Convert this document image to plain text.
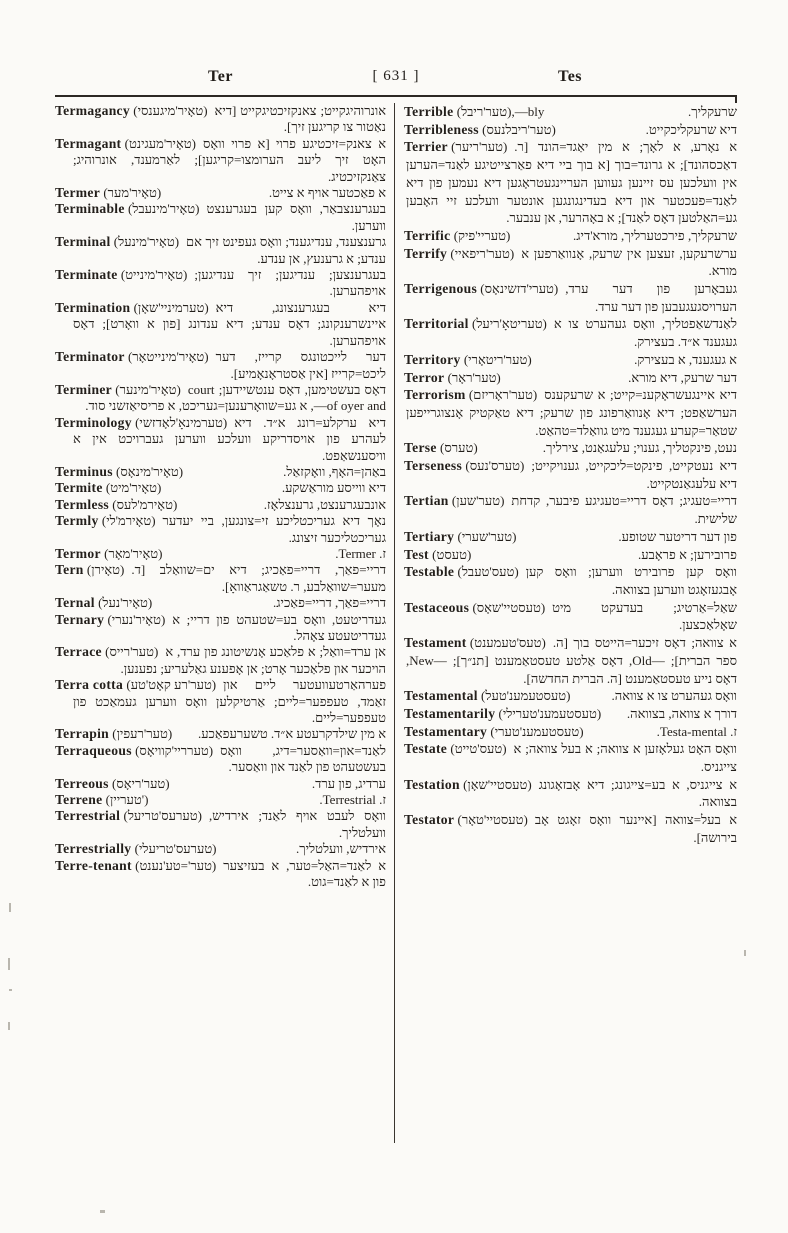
Ter	[ 631 ]	Tes

Termagancy (טאָיר'מיגענסי) אונרוהיגקייט; צאנקזיכטיגקייט [דיא נאַטור צו קריגען זיך].

Termagant (טאָיר'מעגינט) א צאנק=זיכטיגע פרוי [א פרוי וואָס האָט זיך ליעב הערומצו=קריגען]; לאַרמענד, אונרוהיג; צאַנקזיכטיג.

Termer (טאָיר'מער)	א פאַכטער אויף א צייט.

Terminable (טאָיר'מינעבל) בעגרענצבאַר, וואָס קען בעגרענצט ווערען.

Terminal (טאָיר'מינעל) גרענצענד, ענדיגענד; וואָס געפינט זיך אם ענדע; א גרענעץ, אן ענדע.

Terminate (טאָיר'מינייט) בעגרענצען; ענדיגען; זיך ענדיגען; אויפהערען.

Termination (טערמיניי'שאָן) דיא בעגרענצונג, דיא איינשרענקונג; דאָס ענדע; דיא ענדונג [פון א וואָרט]; דאָס אויפהערען.

Terminator (טאָיר'מינייטאָר) דער לייכטונגס קרייז, דער ליכט=קרייז [אין אַסטראָנאָמיע].

Terminer (טאָיר'מינער) דאָס בעשטימען, דאָס ענטשיידען; court of oyer and—, א גע=שוואָרענען=געריכט, א פריסיאַזשני סוד.

Terminology (טערמינאָ'לאָדזשי) דיא ערקלע=רונג א״ד. דיא לעהרע פון אויסדריקע וועלכע ווערען געברויכט אין א וויסענשאַפט.

Terminus (טאָיר'מינאָס)	באַהן=האָף, וואָקזאַל.

Termite (טאָיר'מיט)	דיא ווייסע מוראַשקע.

Termless (טאָירמ'לעס)	אונבעגרענצט, גרענצלאָז.

Termly (טאָירמ'לי) נאָך דיא געריכטליכע זי=צונגען, ביי יעדער געריכטליכער זיצונג.

Termor (טאָיר'מאָר)	ז. Termer.

Tern (טאָירן) דריי=פאַך, דריי=פאַכיג; דיא ים=שוואַלב [ד. מעער=שוואַלבע, ר. טשאַגראַוואָ].

Ternal (טאָיר'נעל)	דריי=פאַך, דריי=פאַכיג.

Ternary (טאָיר'נערי) געדריטעט, וואָס בע=שטעהט פון דריי; א געדריטעטע צאָהל.

Terrace (טער'רייס) אן ערד=וואַל; א פלאַכע אָנשיטונג פון ערד, א הויכער און פלאַכער אָרט; אן אָפענע גאַלעריע; נפענען.

Terra cotta (טער'רע קאָט'טע) פערהאַרטעוועטער ליים און זאַמד, טעפפער=ליים; אַרטיקלען וואָס ווערען געמאַכט פון טעפפער=ליים.

Terrapin (טער'רעפין) א מין שילדקרעטע א״ד. טשערעפאַכע.

Terraqueous (טערריי'קוויאָס) לאַנד=און=וואַסער=דיג, וואָס בעשטעהט פון לאַנד און וואַסער.

Terreous (טער'ריאָס)	ערדיג, פון ערד.

Terrene (טעריין')	ז. Terrestrial.

Terrestrial (טערעס'טריעל) וואָס לעבט אויף לאַנד; אירדיש, וועלטליך.

Terrestrially (טערעס'טריעלי)	אירדיש, וועלטליך.

Terre-tenant (טער'=טע'נענט) א לאַנד=האַל=טער, א בעזיצער פון א לאַנד=גוט.

Terrible (טער'ריבל),—bly	שרעקליך.

Terribleness (טער'ריבלנעס)	דיא שרעקליכקייט.

Terrier (טער'ריער) א נאָרע, א לאָך; א מין יאַגד=הונד [ר. דאַכסהונד]; א גרונד=בוך [א בוך ביי דיא פאַרצייטיגע לאַנד=הערען אין וועלכען עס זיינען געווען העריינגעטראָגען דיא נעמען פון דיא לאַנד=פעכטער און דיא בעדינגונגען אונטער וועלכע זיי האָבען גע=האַלטען דאָס לאַנד]; א באָהרער, אן ענבער.

Terrific (טעריי'פיק)	שרעקליך, פירכטערליך, מורא'דיג.

Terrify (טער'ריפאיי) ערשרעקען, זעצען אין שרעק, אָנוואַרפען א מורא.

Terrigenous (טערי'דזשינאָס) געבאָרען פון דער ערד, הערויסגעגעבען פון דער ערד.

Territorial (טעריטאָ'ריעל) לאַנדשאַפטליך, וואָס געהערט צו א געגענד א״ד. בעצירק.

Territory (טער'ריטאָרי)	א געגענד, א בעצירק.

Terror (טער'ראָר)	דער שרעק, דיא מורא.

Terrorism (טער'ראָריזם) דיא איינגעשראָקענ=קייט; א שרעקענס הערשאַפט; דיא אָנוואַרפונג פון שרעק; דיא טאַקטיק אָנצוגרייפען שטאַר=קערע געגענד מיט גוואַלד=טהאַט.

Terse (טערס)	נעט, פינקטליך, גענוי; עלעגאַנט, צירליך.

Terseness (טערס'נעס) דיא נעטקייט, פינקט=ליכקייט, גענויקייט; דיא עלעגאַנטקייט.

Tertian (טער'שען) דריי=טעגיג; דאָס דריי=טעגיגע פיבער, קדחת שלישית.

Tertiary (טער'שערי)	פון דער דריטער שטופע.

Test (טעסט)	פרובירען; א פראָבע.

Testable (טעס'טעבל) וואָס קען פרובירט ווערען; וואָס קען אָבגעזאָגט ווערען בצוואה.

Testaceous (טעסטיי'שאָס) שאַל=אַרטיג; בעדעקט מיט שאָלאַכצען.

Testament (טעס'טעמענט) א צוואה; דאָס זיכער=הייטס בוך [ה. ספר הברית]; —Old, דאָס אַלטע טעסטאַמענט [תנ״ך]; —New, דאָס נייע טעסטאַמענט [ה. הברית החדשה].

Testamental (טעסטעמענ'טעל)	וואָס געהערט צו א צוואה.

Testamentarily (טעסטעמענ'טערילי) דורך א צוואה, בצוואה.

Testamentary (טעסטעמענ'טערי)	ז. Testa-mental.

Testate (טעס'טייט) וואָס האָט געלאָזען א צוואה; א בעל צוואה; א צייגניס.

Testation (טעסטיי'שאָן) א צייגניס, א בע=צייגונג; דיא אָבזאָגונג בצוואה.

Testator (טעסטיי'טאָר) א בעל=צוואה [איינער וואָס זאָגט אָב בירושה].
